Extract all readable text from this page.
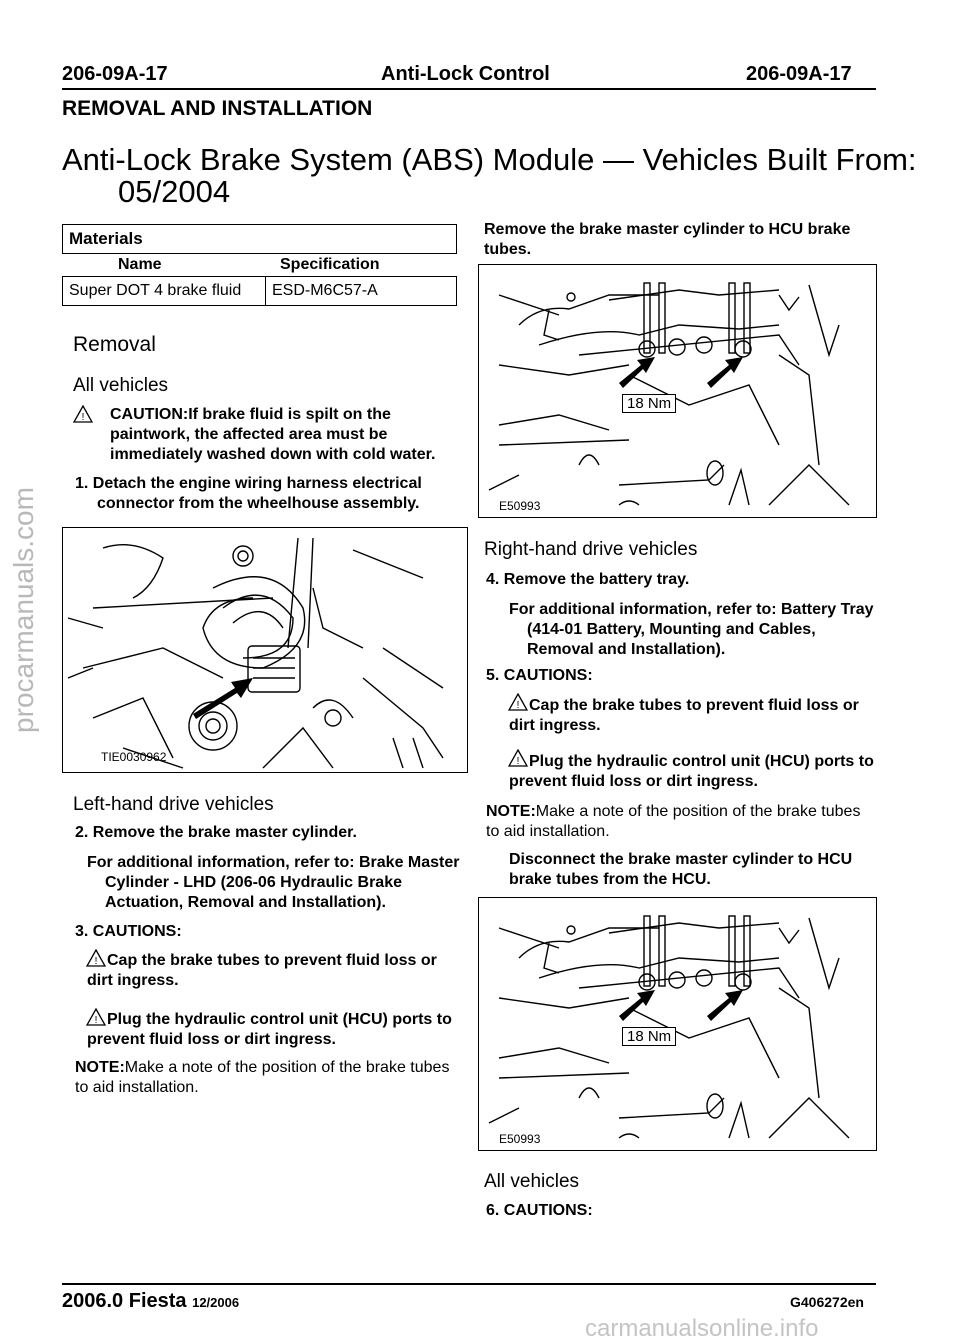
206-09A-17	Anti-Lock Control	206-09A-17
REMOVAL AND INSTALLATION
Anti-Lock Brake System (ABS) Module — Vehicles Built From:
05/2004
Materials
Name	Specification
Super DOT 4 brake fluid	ESD-M6C57-A
Removal
All vehicles
! CAUTION:If brake fluid is spilt on the paintwork, the affected area must be immediately washed down with cold water.
1. Detach the engine wiring harness electrical connector from the wheelhouse assembly.
TIE0030962
Left-hand drive vehicles
2. Remove the brake master cylinder.
For additional information, refer to: Brake Master Cylinder - LHD (206-06 Hydraulic Brake Actuation, Removal and Installation).
3. CAUTIONS:
! Cap the brake tubes to prevent fluid loss or dirt ingress.
! Plug the hydraulic control unit (HCU) ports to prevent fluid loss or dirt ingress.
NOTE:Make a note of the position of the brake tubes to aid installation.
Remove the brake master cylinder to HCU brake tubes.
18 Nm
E50993
Right-hand drive vehicles
4. Remove the battery tray.
For additional information, refer to: Battery Tray (414-01 Battery, Mounting and Cables, Removal and Installation).
5. CAUTIONS:
! Cap the brake tubes to prevent fluid loss or dirt ingress.
! Plug the hydraulic control unit (HCU) ports to prevent fluid loss or dirt ingress.
NOTE:Make a note of the position of the brake tubes to aid installation.
Disconnect the brake master cylinder to HCU brake tubes from the HCU.
18 Nm
E50993
All vehicles
6. CAUTIONS:
2006.0 Fiesta 12/2006	G406272en
procarmanuals.com
carmanualsonline.info
